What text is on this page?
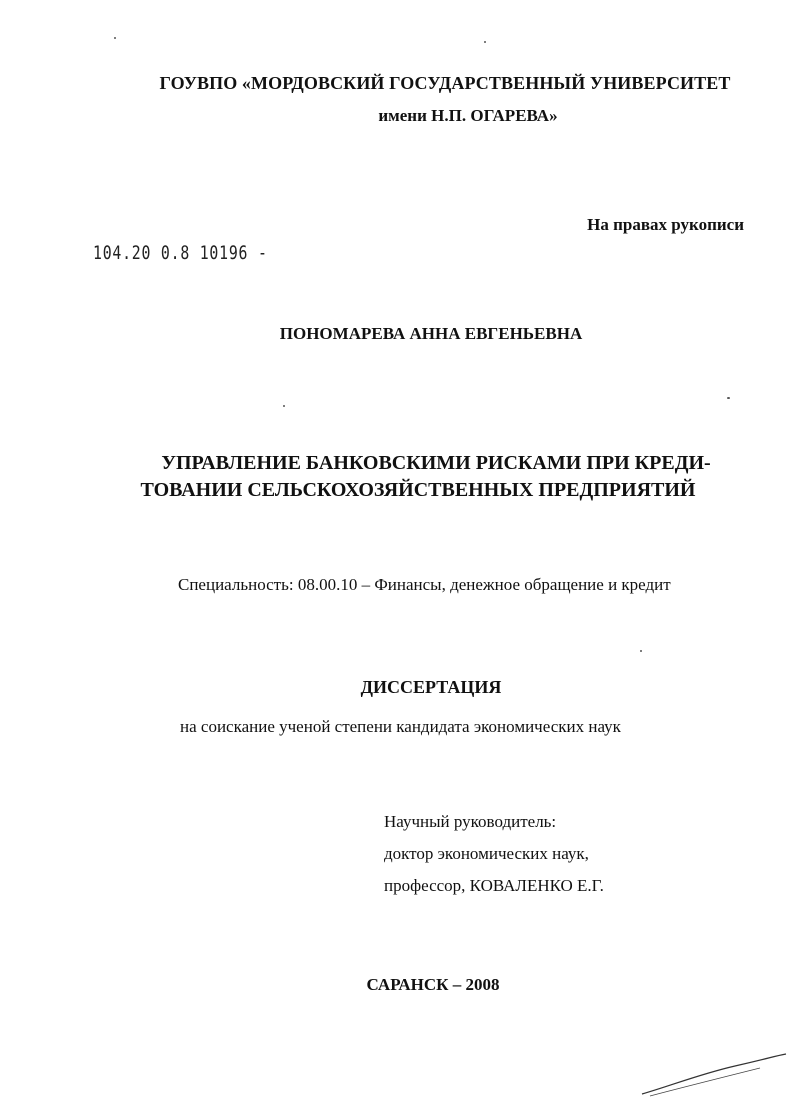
ГОУВПО «МОРДОВСКИЙ ГОСУДАРСТВЕННЫЙ УНИВЕРСИТЕТ
имени Н.П. ОГАРЕВА»
На правах рукописи
104.20 0.8 10196 -
ПОНОМАРЕВА АННА ЕВГЕНЬЕВНА
УПРАВЛЕНИЕ БАНКОВСКИМИ РИСКАМИ ПРИ КРЕДИ-
ТОВАНИИ СЕЛЬСКОХОЗЯЙСТВЕННЫХ ПРЕДПРИЯТИЙ
Специальность: 08.00.10 – Финансы, денежное обращение и кредит
ДИССЕРТАЦИЯ
на соискание ученой степени кандидата экономических наук
Научный руководитель:
доктор экономических наук,
профессор, КОВАЛЕНКО Е.Г.
САРАНСК – 2008
